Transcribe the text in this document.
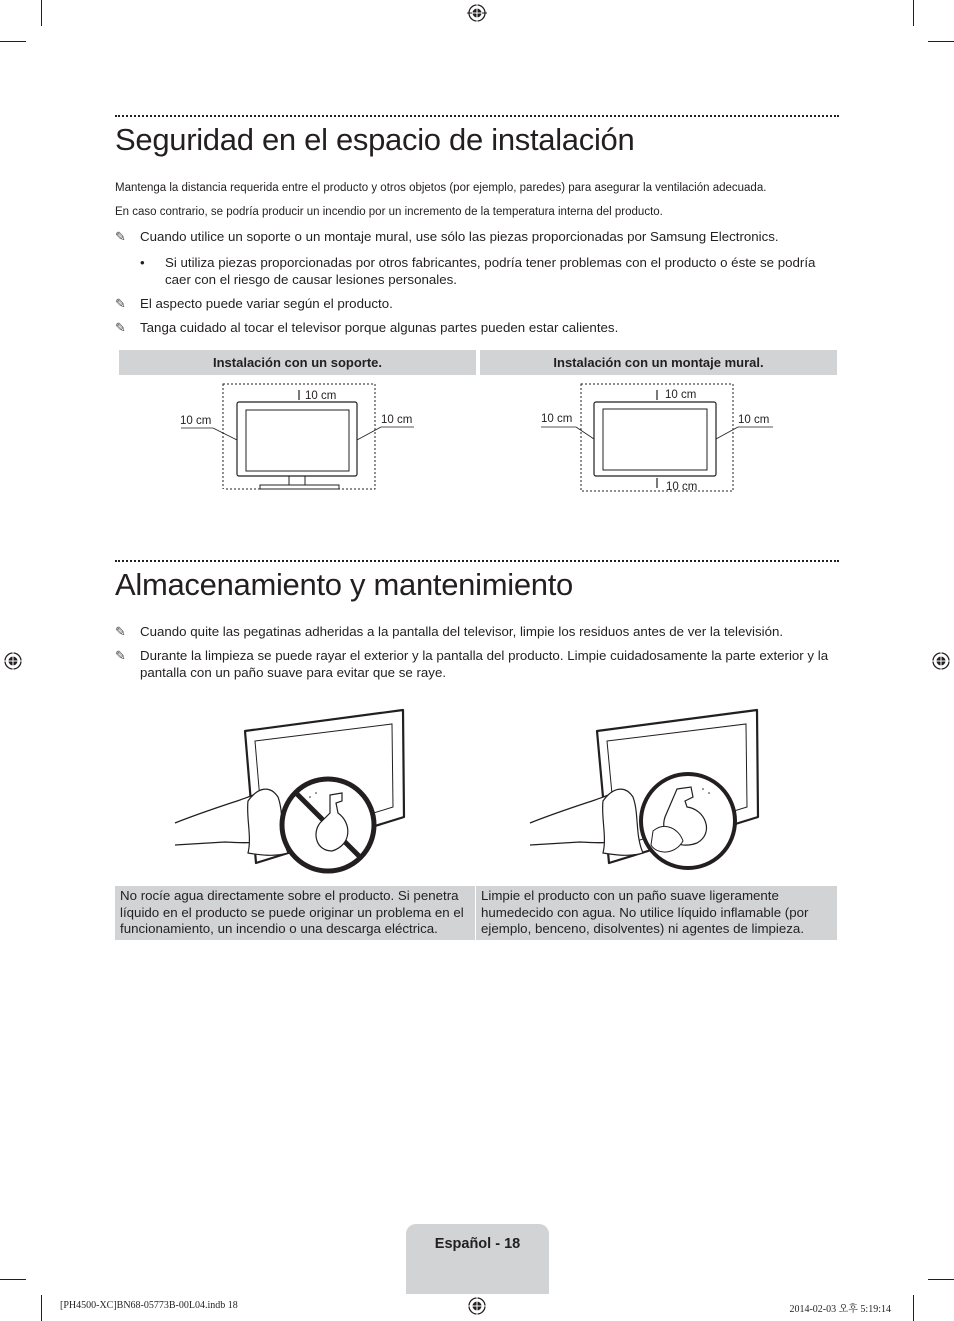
Seguridad en el espacio de instalación
Mantenga la distancia requerida entre el producto y otros objetos (por ejemplo, paredes) para asegurar la ventilación adecuada.
En caso contrario, se podría producir un incendio por un incremento de la temperatura interna del producto.
✎ Cuando utilice un soporte o un montaje mural, use sólo las piezas proporcionadas por Samsung Electronics.
• Si utiliza piezas proporcionadas por otros fabricantes, podría tener problemas con el producto o éste se podría caer con el riesgo de causar lesiones personales.
✎ El aspecto puede variar según el producto.
✎ Tanga cuidado al tocar el televisor porque algunas partes pueden estar calientes.
Instalación con un soporte.	Instalación con un montaje mural.
10 cm
10 cm	10 cm
10 cm
10 cm	10 cm
10 cm
Almacenamiento y mantenimiento
✎ Cuando quite las pegatinas adheridas a la pantalla del televisor, limpie los residuos antes de ver la televisión.
✎ Durante la limpieza se puede rayar el exterior y la pantalla del producto. Limpie cuidadosamente la parte exterior y la pantalla con un paño suave para evitar que se raye.
No rocíe agua directamente sobre el producto. Si penetra líquido en el producto se puede originar un problema en el funcionamiento, un incendio o una descarga eléctrica.
Limpie el producto con un paño suave ligeramente humedecido con agua. No utilice líquido inflamable (por ejemplo, benceno, disolventes) ni agentes de limpieza.
Español - 18
[PH4500-XC]BN68-05773B-00L04.indb 18	2014-02-03 오후 5:19:14
